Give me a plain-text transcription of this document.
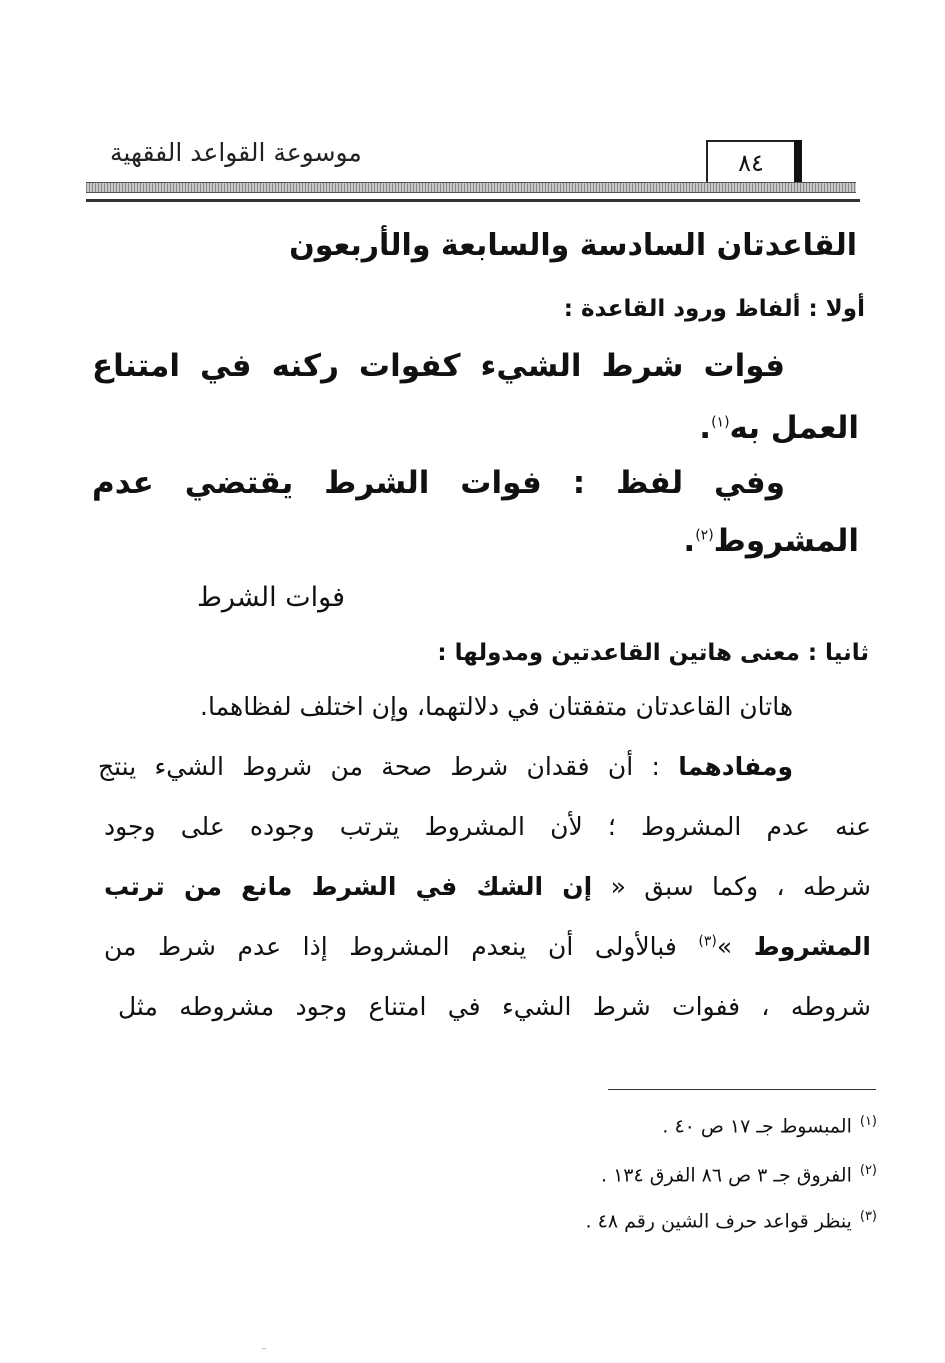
موسوعة القواعد الفقهية	٨٤
القاعدتان السادسة والسابعة والأربعون
أولا : ألفاظ ورود القاعدة :
فوات شرط الشيء كفوات ركنه في امتناع
العمل به$^{(١)}$.
وفي لفظ : فوات الشرط يقتضي عدم
المشروط$^{(٢)}$.
فوات الشرط
ثانيا : معنى هاتين القاعدتين ومدولها :
هاتان القاعدتان متفقتان في دلالتهما، وإن اختلف لفظاهما.
ومفادهما : أن فقدان شرط صحة من شروط الشيء ينتج
عنه عدم المشروط ؛ لأن المشروط يترتب وجوده على وجود
شرطه ، وكما سبق « إن الشك في الشرط مانع من ترتب
المشروط »$^{(٣)}$ فبالأولى أن ينعدم المشروط إذا عدم شرط من
شروطه ، ففوات شرط الشيء في امتناع وجود مشروطه مثل
$^{(١)}$المبسوط جـ ١٧ ص ٤٠ .
$^{(٢)}$الفروق جـ ٣ ص ٨٦ الفرق ١٣٤ .
$^{(٣)}$ينظر قواعد حرف الشين رقم ٤٨ .
